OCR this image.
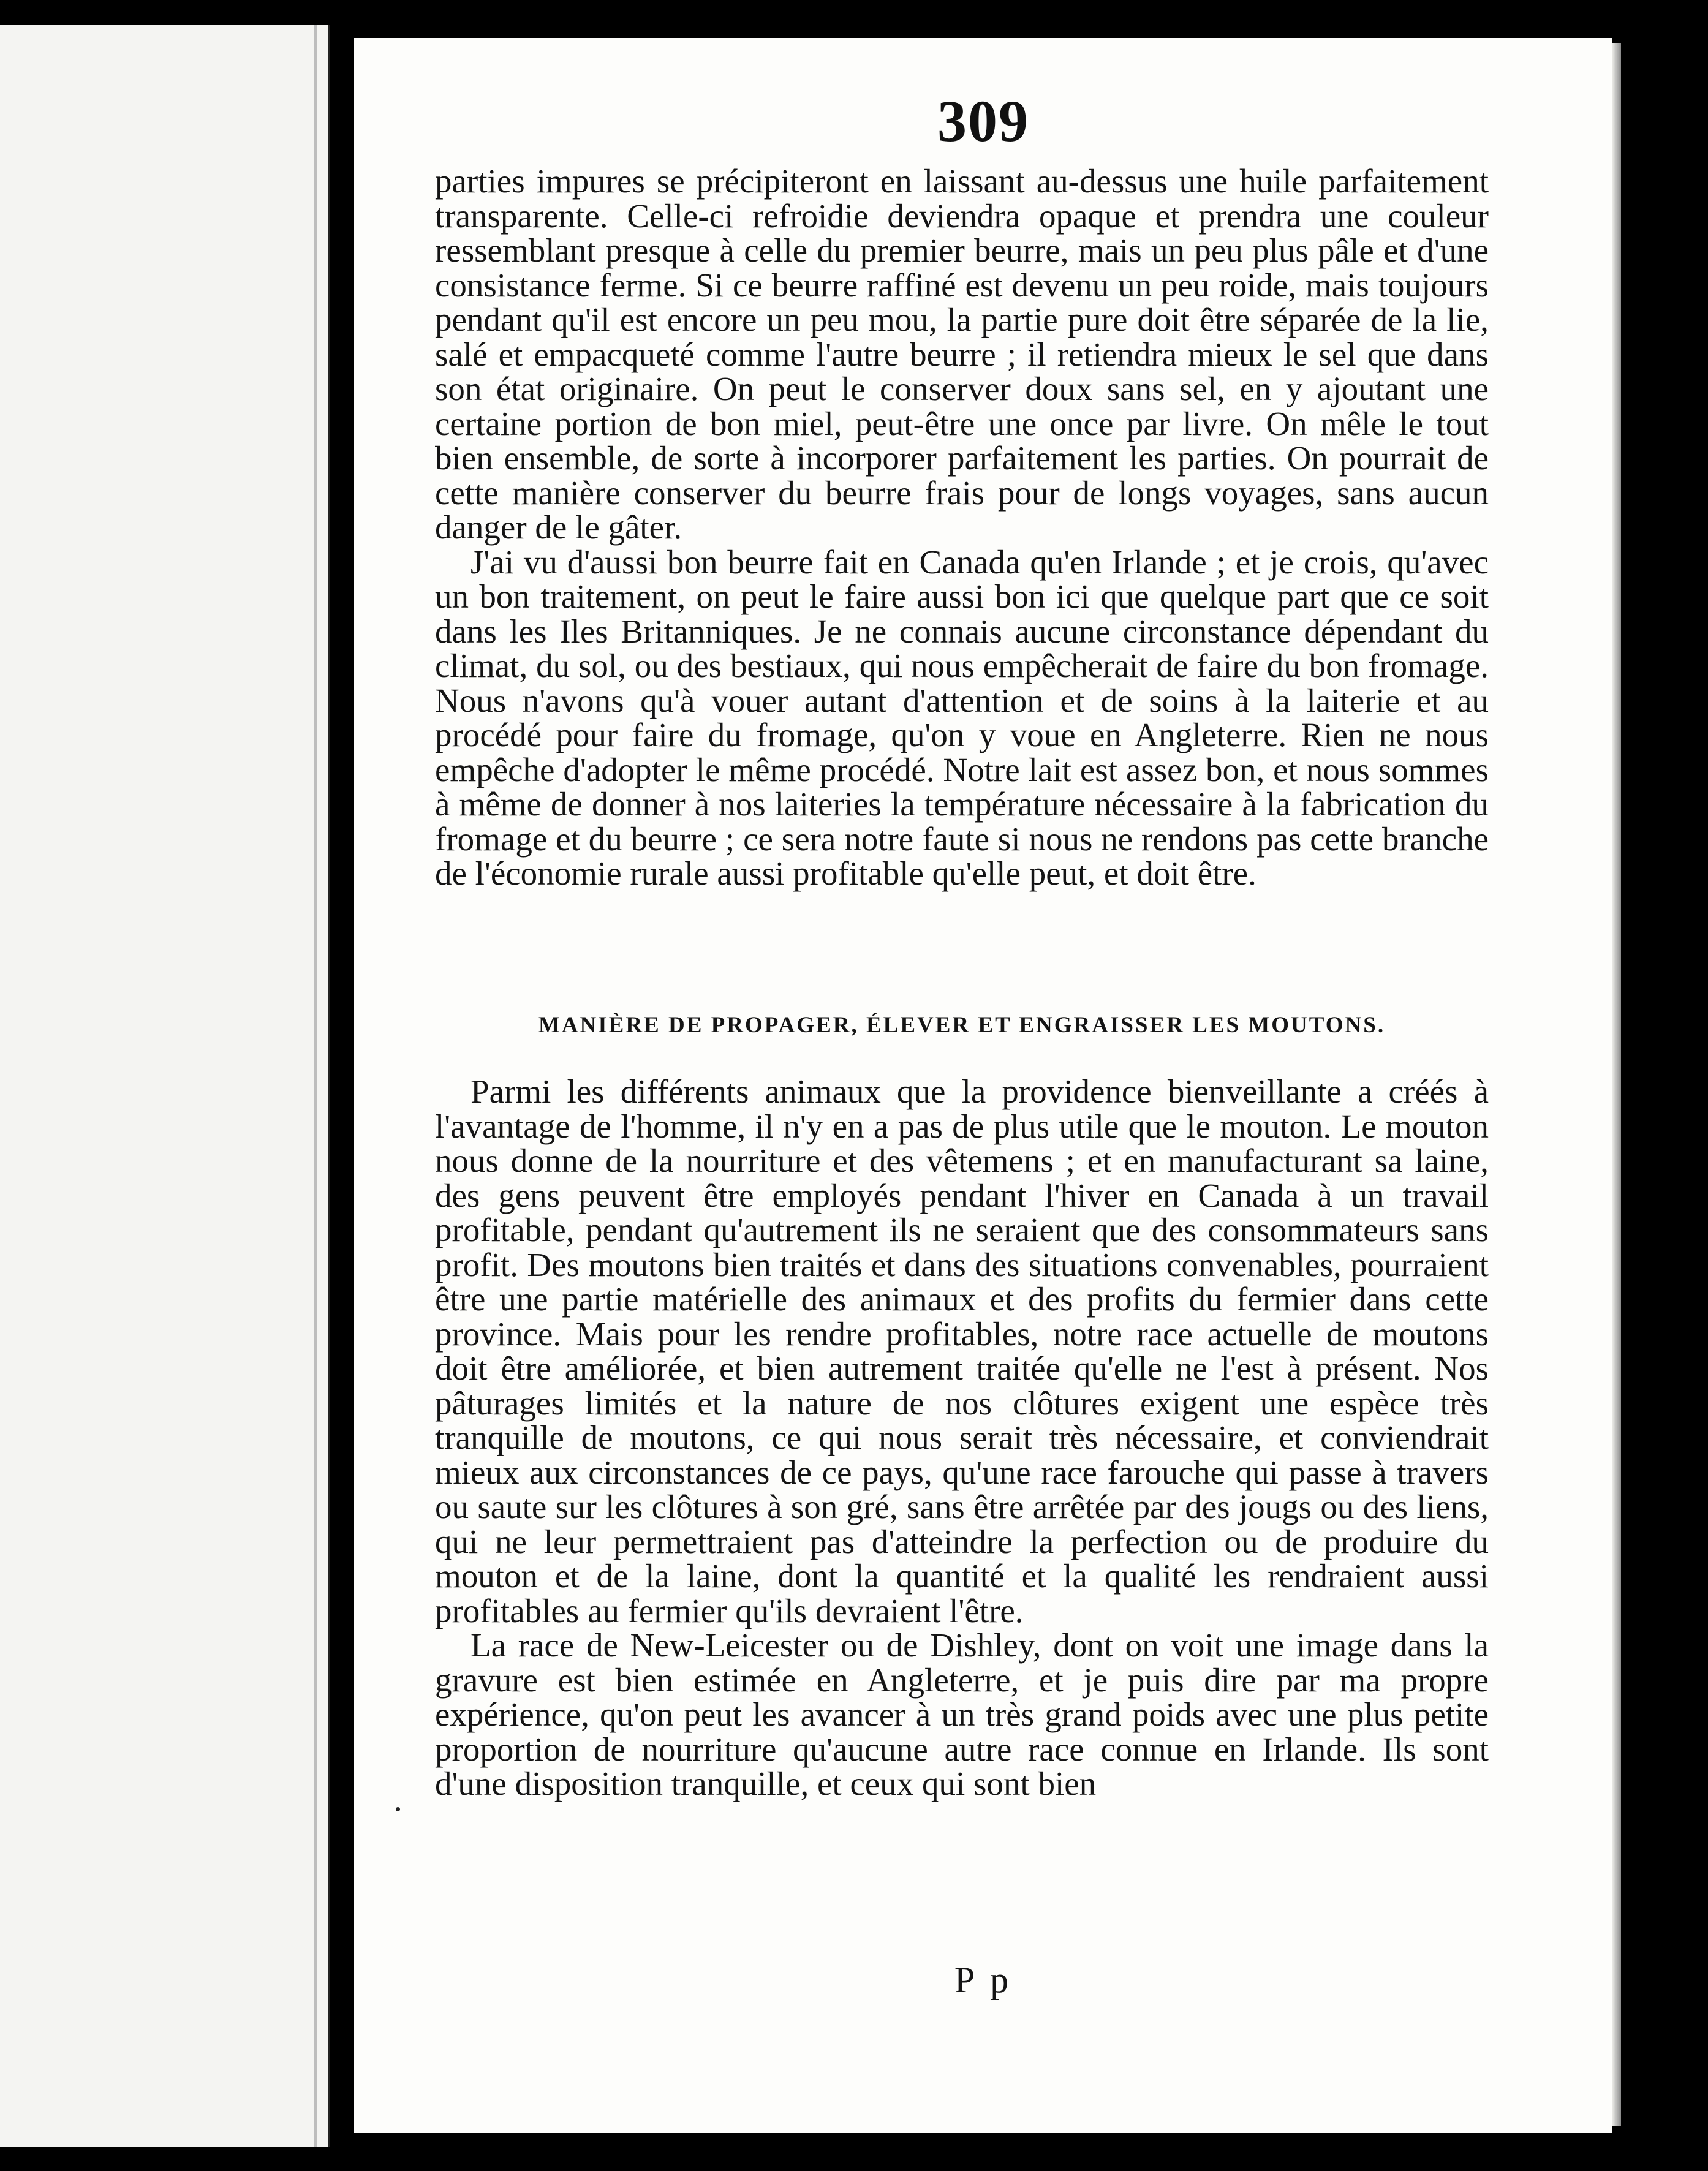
309

parties impures se précipiteront en laissant au-dessus une huile parfaitement transparente. Celle-ci refroidie deviendra opaque et prendra une couleur ressemblant presque à celle du premier beurre, mais un peu plus pâle et d'une consistance ferme. Si ce beurre raffiné est devenu un peu roide, mais toujours pendant qu'il est encore un peu mou, la partie pure doit être séparée de la lie, salé et empacqueté comme l'autre beurre ; il retiendra mieux le sel que dans son état originaire. On peut le conserver doux sans sel, en y ajoutant une certaine portion de bon miel, peut-être une once par livre. On mêle le tout bien ensemble, de sorte à incorporer parfaitement les parties. On pourrait de cette manière conserver du beurre frais pour de longs voyages, sans aucun danger de le gâter.

J'ai vu d'aussi bon beurre fait en Canada qu'en Irlande ; et je crois, qu'avec un bon traitement, on peut le faire aussi bon ici que quelque part que ce soit dans les Iles Britanniques. Je ne connais aucune circonstance dépendant du climat, du sol, ou des bestiaux, qui nous empêcherait de faire du bon fromage. Nous n'avons qu'à vouer autant d'attention et de soins à la laiterie et au procédé pour faire du fromage, qu'on y voue en Angleterre. Rien ne nous empêche d'adopter le même procédé. Notre lait est assez bon, et nous sommes à même de donner à nos laiteries la température nécessaire à la fabrication du fromage et du beurre ; ce sera notre faute si nous ne rendons pas cette branche de l'économie rurale aussi profitable qu'elle peut, et doit être.

MANIÈRE DE PROPAGER, ÉLEVER ET ENGRAISSER LES MOUTONS.

Parmi les différents animaux que la providence bienveillante a créés à l'avantage de l'homme, il n'y en a pas de plus utile que le mouton. Le mouton nous donne de la nourriture et des vêtemens ; et en manufacturant sa laine, des gens peuvent être employés pendant l'hiver en Canada à un travail profitable, pendant qu'autrement ils ne seraient que des consommateurs sans profit. Des moutons bien traités et dans des situations convenables, pourraient être une partie matérielle des animaux et des profits du fermier dans cette province. Mais pour les rendre profitables, notre race actuelle de moutons doit être améliorée, et bien autrement traitée qu'elle ne l'est à présent. Nos pâturages limités et la nature de nos clôtures exigent une espèce très tranquille de moutons, ce qui nous serait très nécessaire, et conviendrait mieux aux circonstances de ce pays, qu'une race farouche qui passe à travers ou saute sur les clôtures à son gré, sans être arrêtée par des jougs ou des liens, qui ne leur permettraient pas d'atteindre la perfection ou de produire du mouton et de la laine, dont la quantité et la qualité les rendraient aussi profitables au fermier qu'ils devraient l'être.

La race de New-Leicester ou de Dishley, dont on voit une image dans la gravure est bien estimée en Angleterre, et je puis dire par ma propre expérience, qu'on peut les avancer à un très grand poids avec une plus petite proportion de nourriture qu'aucune autre race connue en Irlande. Ils sont d'une disposition tranquille, et ceux qui sont bien

P p
